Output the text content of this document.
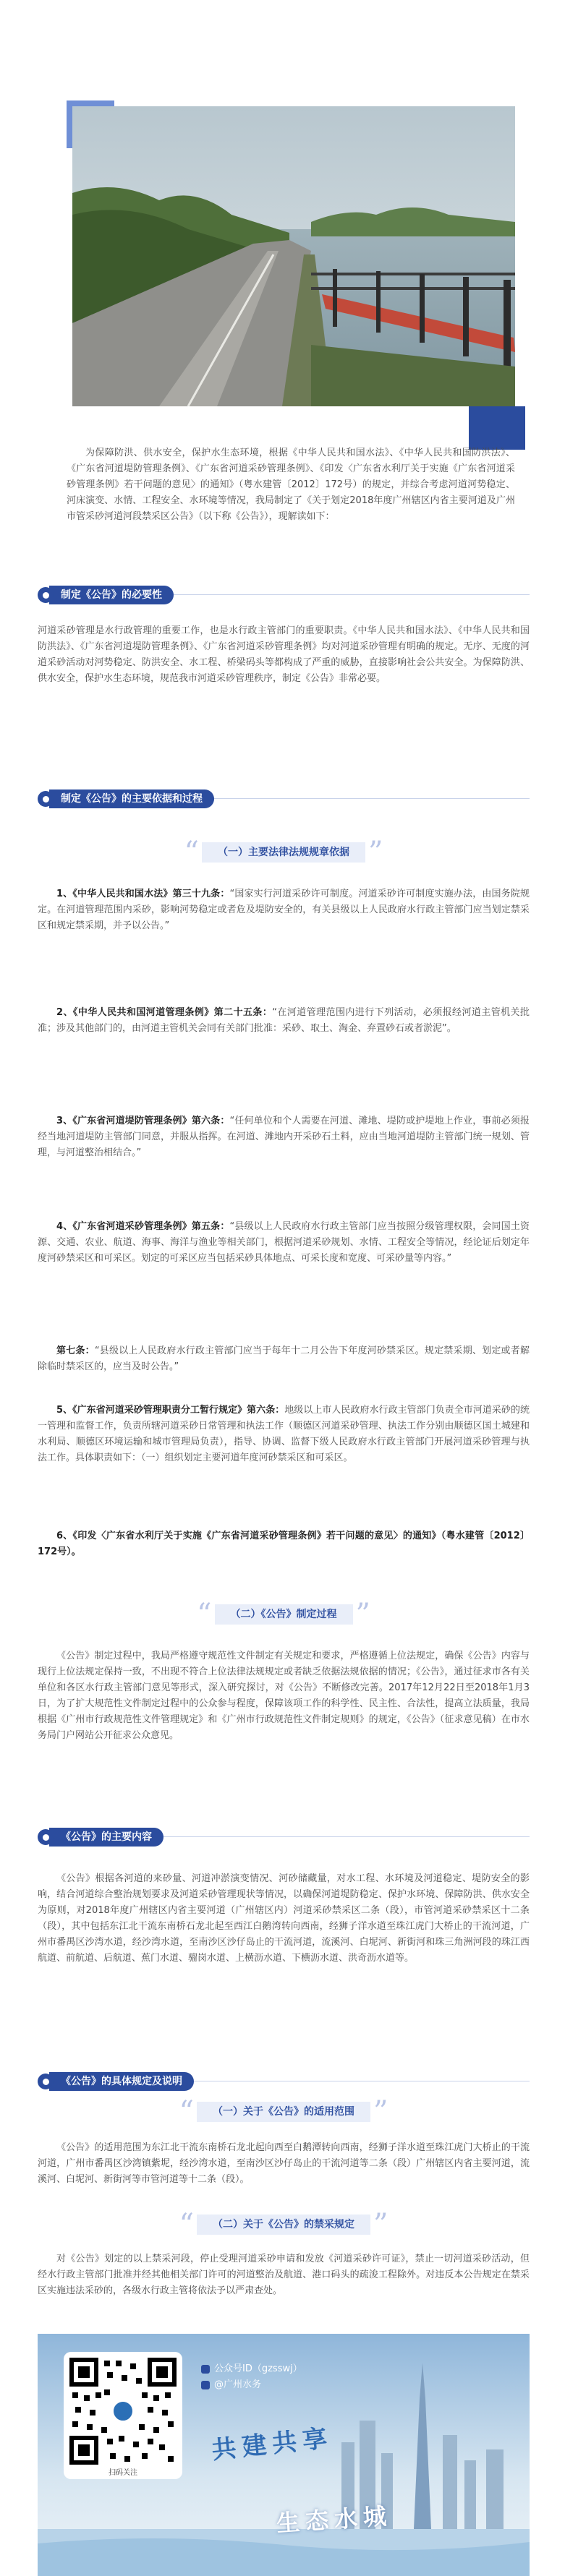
为保障防洪、供水安全，保护水生态环境，根据《中华人民共和国水法》、《中华人民共和国防洪法》、《广东省河道堤防管理条例》、《广东省河道采砂管理条例》、《印发〈广东省水利厅关于实施《广东省河道采砂管理条例》若干问题的意见〉的通知》（粤水建管〔2012〕172号）的规定，并综合考虑河道河势稳定、河床演变、水情、工程安全、水环境等情况，我局制定了《关于划定2018年度广州辖区内省主要河道及广州市管采砂河道河段禁采区公告》（以下称《公告》），现解读如下：
制定《公告》的必要性
河道采砂管理是水行政管理的重要工作，也是水行政主管部门的重要职责。《中华人民共和国水法》、《中华人民共和国防洪法》、《广东省河道堤防管理条例》、《广东省河道采砂管理条例》均对河道采砂管理有明确的规定。无序、无度的河道采砂活动对河势稳定、防洪安全、水工程、桥梁码头等都构成了严重的威胁，直接影响社会公共安全。为保障防洪、供水安全，保护水生态环境，规范我市河道采砂管理秩序，制定《公告》非常必要。
制定《公告》的主要依据和过程
“	（一）主要法律法规规章依据 ”
1、《中华人民共和国水法》第三十九条：“国家实行河道采砂许可制度。河道采砂许可制度实施办法，由国务院规定。在河道管理范围内采砂，影响河势稳定或者危及堤防安全的，有关县级以上人民政府水行政主管部门应当划定禁采区和规定禁采期，并予以公告。”
2、《中华人民共和国河道管理条例》第二十五条：“在河道管理范围内进行下列活动，必须报经河道主管机关批准；涉及其他部门的，由河道主管机关会同有关部门批准：采砂、取土、淘金、弃置砂石或者淤泥”。
3、《广东省河道堤防管理条例》第六条：“任何单位和个人需要在河道、滩地、堤防或护堤地上作业，事前必须报经当地河道堤防主管部门同意，并服从指挥。在河道、滩地内开采砂石土料，应由当地河道堤防主管部门统一规划、管理，与河道整治相结合。”
4、《广东省河道采砂管理条例》第五条：“县级以上人民政府水行政主管部门应当按照分级管理权限，会同国土资源、交通、农业、航道、海事、海洋与渔业等相关部门，根据河道采砂规划、水情、工程安全等情况，经论证后划定年度河砂禁采区和可采区。划定的可采区应当包括采砂具体地点、可采长度和宽度、可采砂量等内容。”
第七条：“县级以上人民政府水行政主管部门应当于每年十二月公告下年度河砂禁采区。规定禁采期、划定或者解除临时禁采区的，应当及时公告。”
5、《广东省河道采砂管理职责分工暂行规定》第六条：地级以上市人民政府水行政主管部门负责全市河道采砂的统一管理和监督工作，负责所辖河道采砂日常管理和执法工作（顺德区河道采砂管理、执法工作分别由顺德区国土城建和水利局、顺德区环境运输和城市管理局负责），指导、协调、监督下级人民政府水行政主管部门开展河道采砂管理与执法工作。具体职责如下：（一）组织划定主要河道年度河砂禁采区和可采区。
6、《印发〈广东省水利厅关于实施《广东省河道采砂管理条例》若干问题的意见〉的通知》（粤水建管〔2012〕172号）。
“	（二）《公告》制定过程 ”
《公告》制定过程中，我局严格遵守规范性文件制定有关规定和要求，严格遵循上位法规定，确保《公告》内容与现行上位法规定保持一致，不出现不符合上位法律法规规定或者缺乏依据法规依据的情况；《公告》，通过征求市各有关单位和各区水行政主管部门意见等形式，深入研究探讨，对《公告》不断修改完善。2017年12月22日至2018年1月3日，为了扩大规范性文件制定过程中的公众参与程度，保障该项工作的科学性、民主性、合法性，提高立法质量，我局根据《广州市行政规范性文件管理规定》和《广州市行政规范性文件制定规则》的规定，《公告》（征求意见稿）在市水务局门户网站公开征求公众意见。
《公告》的主要内容
《公告》根据各河道的来砂量、河道冲淤演变情况、河砂储藏量，对水工程、水环境及河道稳定、堤防安全的影响，结合河道综合整治规划要求及河道采砂管理现状等情况，以确保河道堤防稳定、保护水环境、保障防洪、供水安全为原则，对2018年度广州辖区内省主要河道（广州辖区内）河道采砂禁采区二条（段），市管河道采砂禁采区十二条（段），其中包括东江北干流东南桥石龙北起至西江白鹅湾转向西南，经狮子洋水道至珠江虎门大桥止的干流河道，广州市番禺区沙湾水道，经沙湾水道，至南沙区沙仔岛止的干流河道，流溪河、白坭河、新街河和珠三角洲河段的珠江西航道、前航道、后航道、蕉门水道、骝岗水道、上横沥水道、下横沥水道、洪奇沥水道等。
《公告》的具体规定及说明
“	（一）关于《公告》的适用范围 ”
《公告》的适用范围为东江北干流东南桥石龙北起向西至白鹅潭转向西南，经狮子洋水道至珠江虎门大桥止的干流河道，广州市番禺区沙湾镇紫坭，经沙湾水道，至南沙区沙仔岛止的干流河道等二条（段）广州辖区内省主要河道，流溪河、白坭河、新街河等市管河道等十二条（段）。
“	（二）关于《公告》的禁采规定 ”
对《公告》划定的以上禁采河段，停止受理河道采砂申请和发放《河道采砂许可证》，禁止一切河道采砂活动，但经水行政主管部门批准并经其他相关部门许可的河道整治及航道、港口码头的疏浚工程除外。对违反本公告规定在禁采区实施违法采砂的，各级水行政主管将依法予以严肃查处。
扫码关注
公众号ID（gzsswj）
@广州水务
共建共享
生态水城
